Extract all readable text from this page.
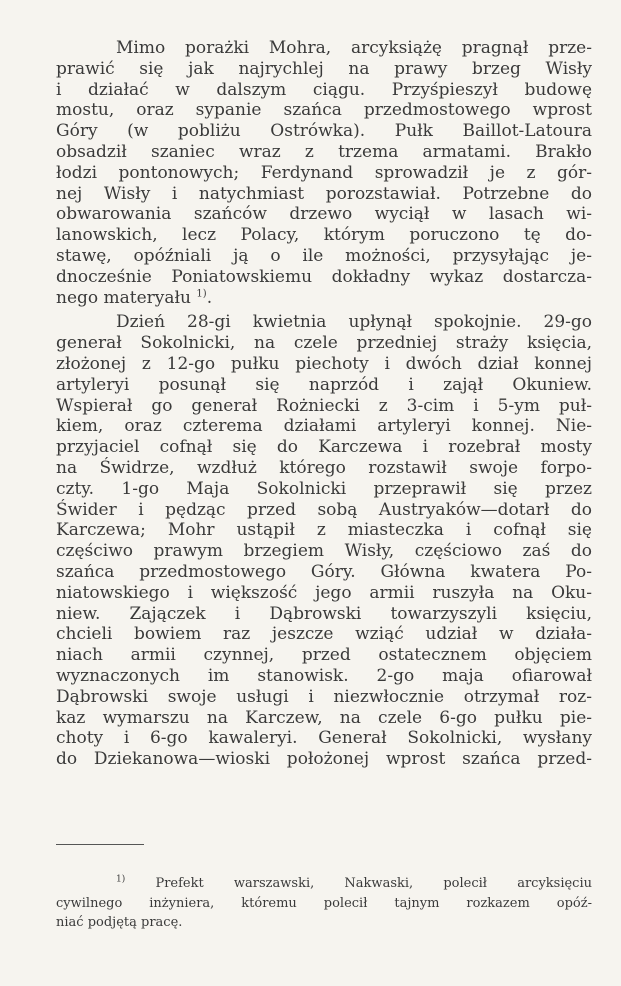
Mimo porażki Mohra, arcyksiążę pragnął prze-
prawić się jak najrychlej na prawy brzeg Wisły
i działać w dalszym ciągu. Przyśpieszył budowę
mostu, oraz sypanie szańca przedmostowego wprost
Góry (w pobliżu Ostrówka). Pułk Baillot-Latoura
obsadził szaniec wraz z trzema armatami. Brakło
łodzi pontonowych; Ferdynand sprowadził je z gór-
nej Wisły i natychmiast porozstawiał. Potrzebne do
obwarowania szańców drzewo wyciął w lasach wi-
lanowskich, lecz Polacy, którym poruczono tę do-
stawę, opóźniali ją o ile możności, przysyłając je-
dnocześnie Poniatowskiemu dokładny wykaz dostarcza-
nego materyału $^{1)}$.
Dzień 28-gi kwietnia upłynął spokojnie. 29-go
generał Sokolnicki, na czele przedniej straży księcia,
złożonej z 12-go pułku piechoty i dwóch dział konnej
artyleryi posunął się naprzód i zajął Okuniew.
Wspierał go generał Rożniecki z 3-cim i 5-ym puł-
kiem, oraz czterema działami artyleryi konnej. Nie-
przyjaciel cofnął się do Karczewa i rozebrał mosty
na Świdrze, wzdłuż którego rozstawił swoje forpo-
czty. 1-go Maja Sokolnicki przeprawił się przez
Świder i pędząc przed sobą Austryaków—dotarł do
Karczewa; Mohr ustąpił z miasteczka i cofnął się
częściwo prawym brzegiem Wisły, częściowo zaś do
szańca przedmostowego Góry. Główna kwatera Po-
niatowskiego i większość jego armii ruszyła na Oku-
niew. Zajączek i Dąbrowski towarzyszyli księciu,
chcieli bowiem raz jeszcze wziąć udział w działa-
niach armii czynnej, przed ostatecznem objęciem
wyznaczonych im stanowisk. 2-go maja ofiarował
Dąbrowski swoje usługi i niezwłocznie otrzymał roz-
kaz wymarszu na Karczew, na czele 6-go pułku pie-
choty i 6-go kawaleryi. Generał Sokolnicki, wysłany
do Dziekanowa—wioski położonej wprost szańca przed-
$^{1)}$ Prefekt warszawski, Nakwaski, polecił arcyksięciu
cywilnego inżyniera, któremu polecił tajnym rozkazem opóź-
niać podjętą pracę.
